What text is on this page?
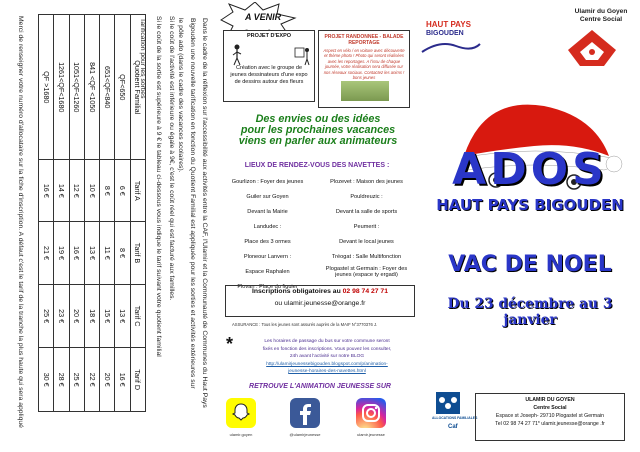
Merci de renseigner votre numéro d'allocataire sur la fiche d'inscription. A défaut c'est le tarif de la tranche la plus haute qui sera appliqué	Quotient Familial	Tarif A	Tarif B	Tarif C	Tarif D
QF<650	6 €	8 €	13 €	16 €
651<QF<840	8 €	11 €	15 €	20 €
841 <QF <1050	10 €	13 €	18 €	22 €
1051<QF<1260	12 €	16 €	20 €	25 €
1261<QF<1680	14 €	19 €	23 €	28 €
QF >1680	16 €	21 €	25 €	30 €
Tarification pour les sorties Si le coût de la sortie est supérieure à 9 € le tableau ci-dessous vous indique le tarif suivant votre quotient familial Si le coût de l'activité est inférieure ou égale à 9€, c'est le coût réel qui est facturé aux familles. le pôle ado (dans le cadre des vacances scolaires). Bigouden une nouvelle tarification en fonction du Quotient Familial est appliquée pour les sorties et activités extérieures sur Dans le cadre de la réflexion sur l'accessibilité aux activités entre la CAF, l'Ulamir et la Communauté de Communes du Haut Pays
A VENIR
PROJET D'EXPO
Création avec le groupe de jeunes dessinateurs d'une expo de dessins autour des fleurs
PROJET RANDONNEE - BALADE REPORTAGE
Aspect en vélo / en voiture avec découverte et thème photo ! Photo qui seront réalisées avec les reportages. A l'issu de chaque journée, votre réalisation sera diffusée sur nos réseaux sociaux. Contactez les anims ! bons jeunes
Des envies ou des idées
pour les prochaines vacances
viens en parler aux animateurs
LIEUX DE RENDEZ-VOUS DES NAVETTES :
Gourlizon : Foyer des jeunes	Plozevet : Maison des jeunes
Guiler sur Goyen	Pouldreuzic :
Devant la Mairie	Devant la salle de sports
Landudec :	Peumerit :
Place des 3 ormes	Devant le local jeunes
Ploneour Lanvern :	Tréogat : Salle Multifonction
Espace Raphalen	Plogastel st Germain : Foyer des jeunes (espace ty ergadi)
Plovan : Place du figuier
Inscriptions obligatoires au 02 98 74 27 71
ou ulamir.jeunesse@orange.fr
ASSURANCE : Tous les jeunes sont assurés auprès de la MAIF N°3770376 J.
*	Les horaires de passage du bus sur votre commune seront
fixés en fonction des inscriptions. Vous pouvez les consulter,
24h avant l'activité sur notre BLOG
http://ulamirjeunessebigouden.blogspot.com/p/animation-
jeunesse-horaires-des-navettes.html
RETROUVE L'ANIMATION JEUNESSE SUR
ulamir.goyen	@ulamirjeunesse	ulamir.jeunesse
HAUT PAYS
BIGOUDEN
Ulamir du Goyen
Centre Social
ADOS
HAUT PAYS BIGOUDEN
VAC DE NOEL
Du 23 décembre au 3 janvier
ALLOCATIONS FAMILIALES
Caf
ULAMIR DU GOYEN
Centre Social
Espace st Joseph- 29710 Plogastel st Germain
Tel 02 98 74 27 71* ulamir.jeunesse@orange .fr
